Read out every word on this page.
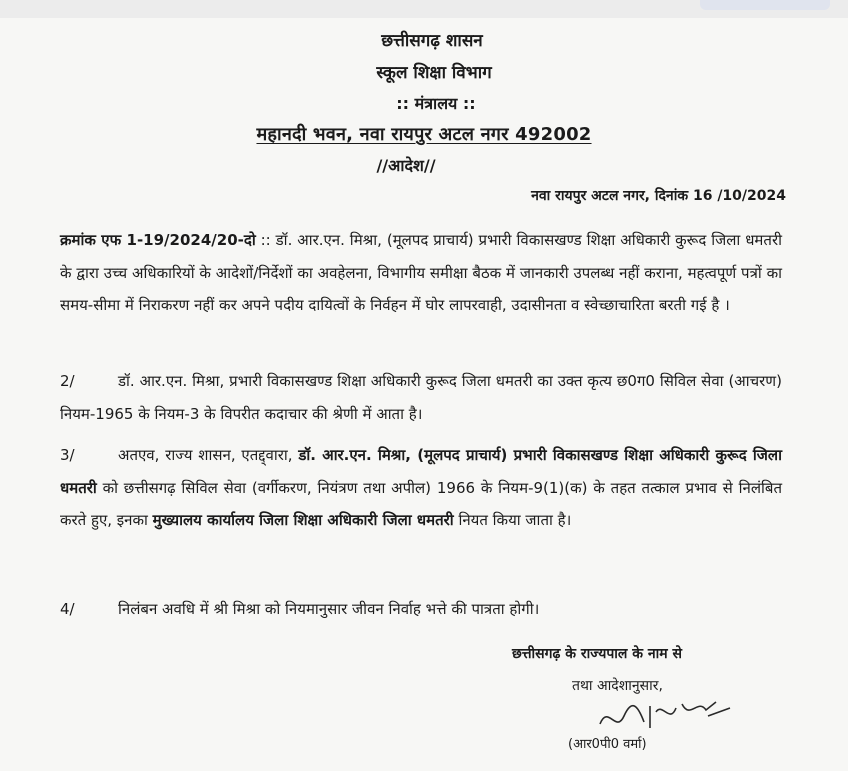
छत्तीसगढ़ शासन
स्कूल शिक्षा विभाग
:: मंत्रालय ::
महानदी भवन, नवा रायपुर अटल नगर 492002
//आदेश//
नवा रायपुर अटल नगर, दिनांक 16 /10/2024
क्रमांक एफ 1-19/2024/20-दो :: डॉ. आर.एन. मिश्रा, (मूलपद प्राचार्य) प्रभारी विकासखण्ड शिक्षा अधिकारी कुरूद जिला धमतरी के द्वारा उच्च अधिकारियों के आदेशों/निर्देशों का अवहेलना, विभागीय समीक्षा बैठक में जानकारी उपलब्ध नहीं कराना, महत्वपूर्ण पत्रों का समय-सीमा में निराकरण नहीं कर अपने पदीय दायित्वों के निर्वहन में घोर लापरवाही, उदासीनता व स्वेच्छाचारिता बरती गई है ।
2/	डॉ. आर.एन. मिश्रा, प्रभारी विकासखण्ड शिक्षा अधिकारी कुरूद जिला धमतरी का उक्त कृत्य छ0ग0 सिविल सेवा (आचरण) नियम-1965 के नियम-3 के विपरीत कदाचार की श्रेणी में आता है।
3/	अतएव, राज्य शासन, एतद्द्वारा, डॉ. आर.एन. मिश्रा, (मूलपद प्राचार्य) प्रभारी विकासखण्ड शिक्षा अधिकारी कुरूद जिला धमतरी को छत्तीसगढ़ सिविल सेवा (वर्गीकरण, नियंत्रण तथा अपील) 1966 के नियम-9(1)(क) के तहत तत्काल प्रभाव से निलंबित करते हुए, इनका मुख्यालय कार्यालय जिला शिक्षा अधिकारी जिला धमतरी नियत किया जाता है।
4/	निलंबन अवधि में श्री मिश्रा को नियमानुसार जीवन निर्वाह भत्ते की पात्रता होगी।
छत्तीसगढ़ के राज्यपाल के नाम से
तथा आदेशानुसार,
(आर0पी0 वर्मा)
